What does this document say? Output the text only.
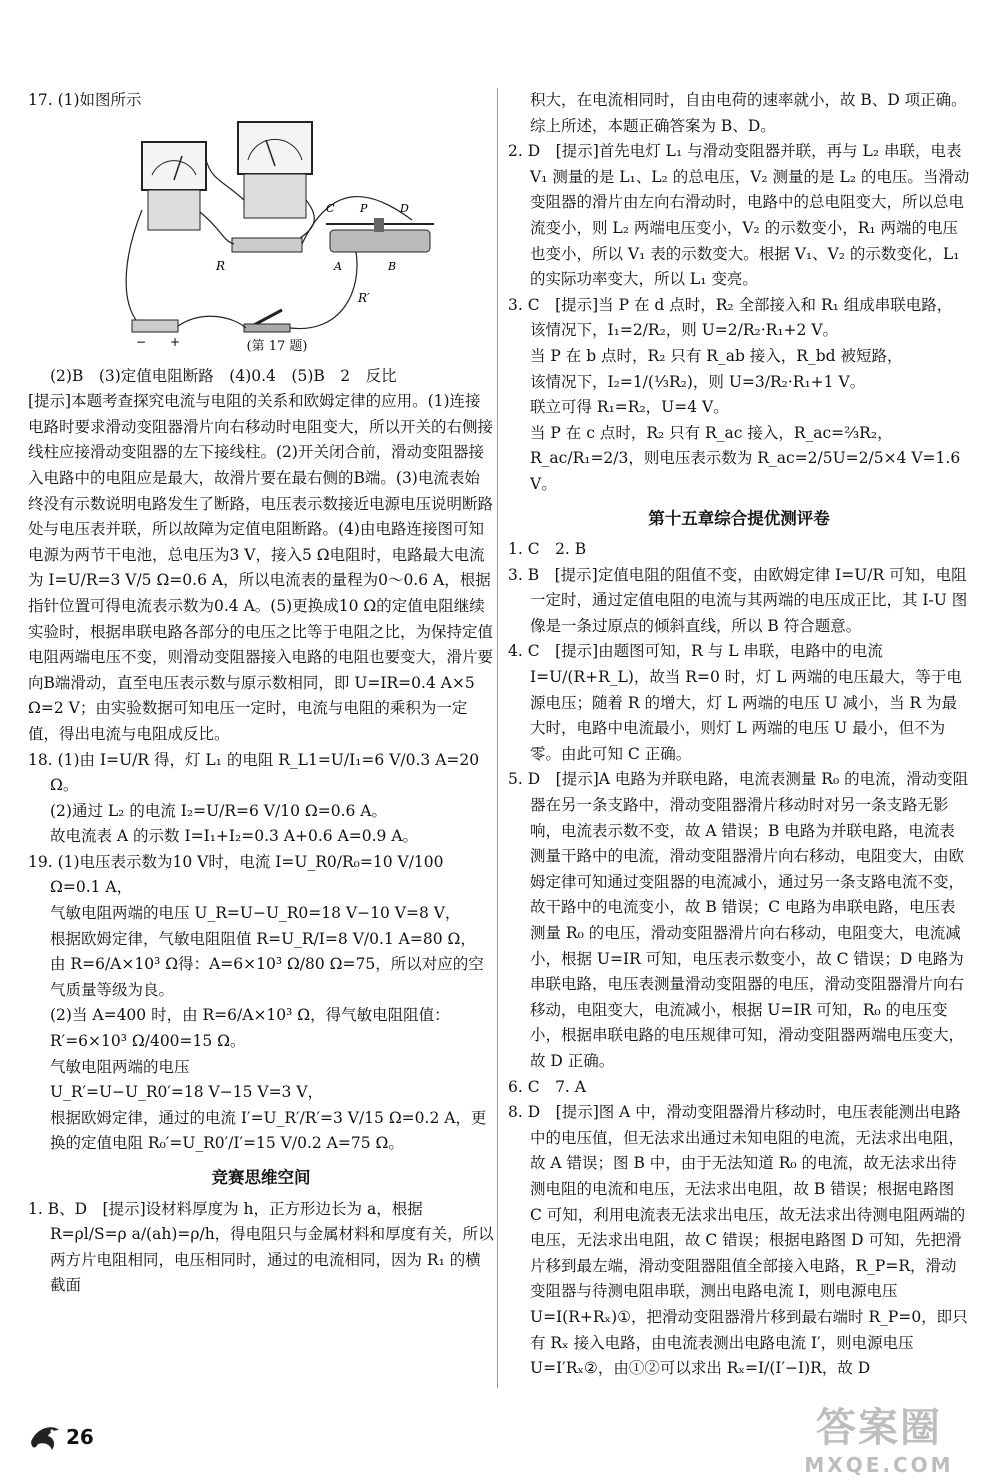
17. (1)如图所示

R
C P	D
A	B
R′
− +	(第 17 题)

(2)B　(3)定值电阻断路　(4)0.4　(5)B　2　反比

[提示]本题考查探究电流与电阻的关系和欧姆定律的应用。(1)连接电路时要求滑动变阻器滑片向右移动时电阻变大，所以开关的右侧接线柱应接滑动变阻器的左下接线柱。(2)开关闭合前，滑动变阻器接入电路中的电阻应是最大，故滑片要在最右侧的B端。(3)电流表始终没有示数说明电路发生了断路，电压表示数接近电源电压说明断路处与电压表并联，所以故障为定值电阻断路。(4)由电路连接图可知电源为两节干电池，总电压为3 V，接入5 Ω电阻时，电路最大电流为 I=U/R=3 V/5 Ω=0.6 A，所以电流表的量程为0～0.6 A，根据指针位置可得电流表示数为0.4 A。(5)更换成10 Ω的定值电阻继续实验时，根据串联电路各部分的电压之比等于电阻之比，为保持定值电阻两端电压不变，则滑动变阻器接入电路的电阻也要变大，滑片要向B端滑动，直至电压表示数与原示数相同，即 U=IR=0.4 A×5 Ω=2 V；由实验数据可知电压一定时，电流与电阻的乘积为一定值，得出电流与电阻成反比。

18. (1)由 I=U/R 得，灯 L₁ 的电阻 R_L1=U/I₁=6 V/0.3 A=20 Ω。

(2)通过 L₂ 的电流 I₂=U/R=6 V/10 Ω=0.6 A。

故电流表 A 的示数 I=I₁+I₂=0.3 A+0.6 A=0.9 A。

19. (1)电压表示数为10 V时，电流 I=U_R0/R₀=10 V/100 Ω=0.1 A，

气敏电阻两端的电压 U_R=U−U_R0=18 V−10 V=8 V，

根据欧姆定律，气敏电阻阻值 R=U_R/I=8 V/0.1 A=80 Ω，

由 R=6/A×10³ Ω得：A=6×10³ Ω/80 Ω=75，所以对应的空气质量等级为良。

(2)当 A=400 时，由 R=6/A×10³ Ω，得气敏电阻阻值：R′=6×10³ Ω/400=15 Ω。

气敏电阻两端的电压

U_R′=U−U_R0′=18 V−15 V=3 V，

根据欧姆定律，通过的电流 I′=U_R′/R′=3 V/15 Ω=0.2 A，更换的定值电阻 R₀′=U_R0′/I′=15 V/0.2 A=75 Ω。

竞赛思维空间

1. B、D　[提示]设材料厚度为 h，正方形边长为 a，根据 R=ρl/S=ρ a/(ah)=ρ/h，得电阻只与金属材料和厚度有关，所以两方片电阻相同，电压相同时，通过的电流相同，因为 R₁ 的横截面

积大，在电流相同时，自由电荷的速率就小，故 B、D 项正确。综上所述，本题正确答案为 B、D。

2. D　[提示]首先电灯 L₁ 与滑动变阻器并联，再与 L₂ 串联，电表 V₁ 测量的是 L₁、L₂ 的总电压，V₂ 测量的是 L₂ 的电压。当滑动变阻器的滑片由左向右滑动时，电路中的总电阻变大，所以总电流变小，则 L₂ 两端电压变小，V₂ 的示数变小，R₁ 两端的电压也变小，所以 V₁ 表的示数变大。根据 V₁、V₂ 的示数变化，L₁ 的实际功率变大，所以 L₁ 变亮。

3. C　[提示]当 P 在 d 点时，R₂ 全部接入和 R₁ 组成串联电路，

该情况下，I₁=2/R₂，则 U=2/R₂·R₁+2 V。

当 P 在 b 点时，R₂ 只有 R_ab 接入，R_bd 被短路，

该情况下，I₂=1/(⅓R₂)，则 U=3/R₂·R₁+1 V。

联立可得 R₁=R₂，U=4 V。

当 P 在 c 点时，R₂ 只有 R_ac 接入，R_ac=⅔R₂，

R_ac/R₁=2/3，则电压表示数为 R_ac=2/5U=2/5×4 V=1.6 V。

第十五章综合提优测评卷

1. C　2. B

3. B　[提示]定值电阻的阻值不变，由欧姆定律 I=U/R 可知，电阻一定时，通过定值电阻的电流与其两端的电压成正比，其 I-U 图像是一条过原点的倾斜直线，所以 B 符合题意。

4. C　[提示]由题图可知，R 与 L 串联，电路中的电流 I=U/(R+R_L)，故当 R=0 时，灯 L 两端的电压最大，等于电源电压；随着 R 的增大，灯 L 两端的电压 U 减小，当 R 为最大时，电路中电流最小，则灯 L 两端的电压 U 最小，但不为零。由此可知 C 正确。

5. D　[提示]A 电路为并联电路，电流表测量 R₀ 的电流，滑动变阻器在另一条支路中，滑动变阻器滑片移动时对另一条支路无影响，电流表示数不变，故 A 错误；B 电路为并联电路，电流表测量干路中的电流，滑动变阻器滑片向右移动，电阻变大，由欧姆定律可知通过变阻器的电流减小，通过另一条支路电流不变，故干路中的电流变小，故 B 错误；C 电路为串联电路，电压表测量 R₀ 的电压，滑动变阻器滑片向右移动，电阻变大，电流减小，根据 U=IR 可知，电压表示数变小，故 C 错误；D 电路为串联电路，电压表测量滑动变阻器的电压，滑动变阻器滑片向右移动，电阻变大，电流减小，根据 U=IR 可知，R₀ 的电压变小，根据串联电路的电压规律可知，滑动变阻器两端电压变大，故 D 正确。

6. C　7. A

8. D　[提示]图 A 中，滑动变阻器滑片移动时，电压表能测出电路中的电压值，但无法求出通过未知电阻的电流，无法求出电阻，故 A 错误；图 B 中，由于无法知道 R₀ 的电流，故无法求出待测电阻的电流和电压，无法求出电阻，故 B 错误；根据电路图 C 可知，利用电流表无法求出电压，故无法求出待测电阻两端的电压，无法求出电阻，故 C 错误；根据电路图 D 可知，先把滑片移到最左端，滑动变阻器阻值全部接入电路，R_P=R，滑动变阻器与待测电阻串联，测出电路电流 I，则电源电压 U=I(R+Rₓ)①，把滑动变阻器滑片移到最右端时 R_P=0，即只有 Rₓ 接入电路，由电流表测出电路电流 I′，则电源电压 U=I′Rₓ②，由①②可以求出 Rₓ=I/(I′−I)R，故 D

26	答案圈
MXQE.COM
